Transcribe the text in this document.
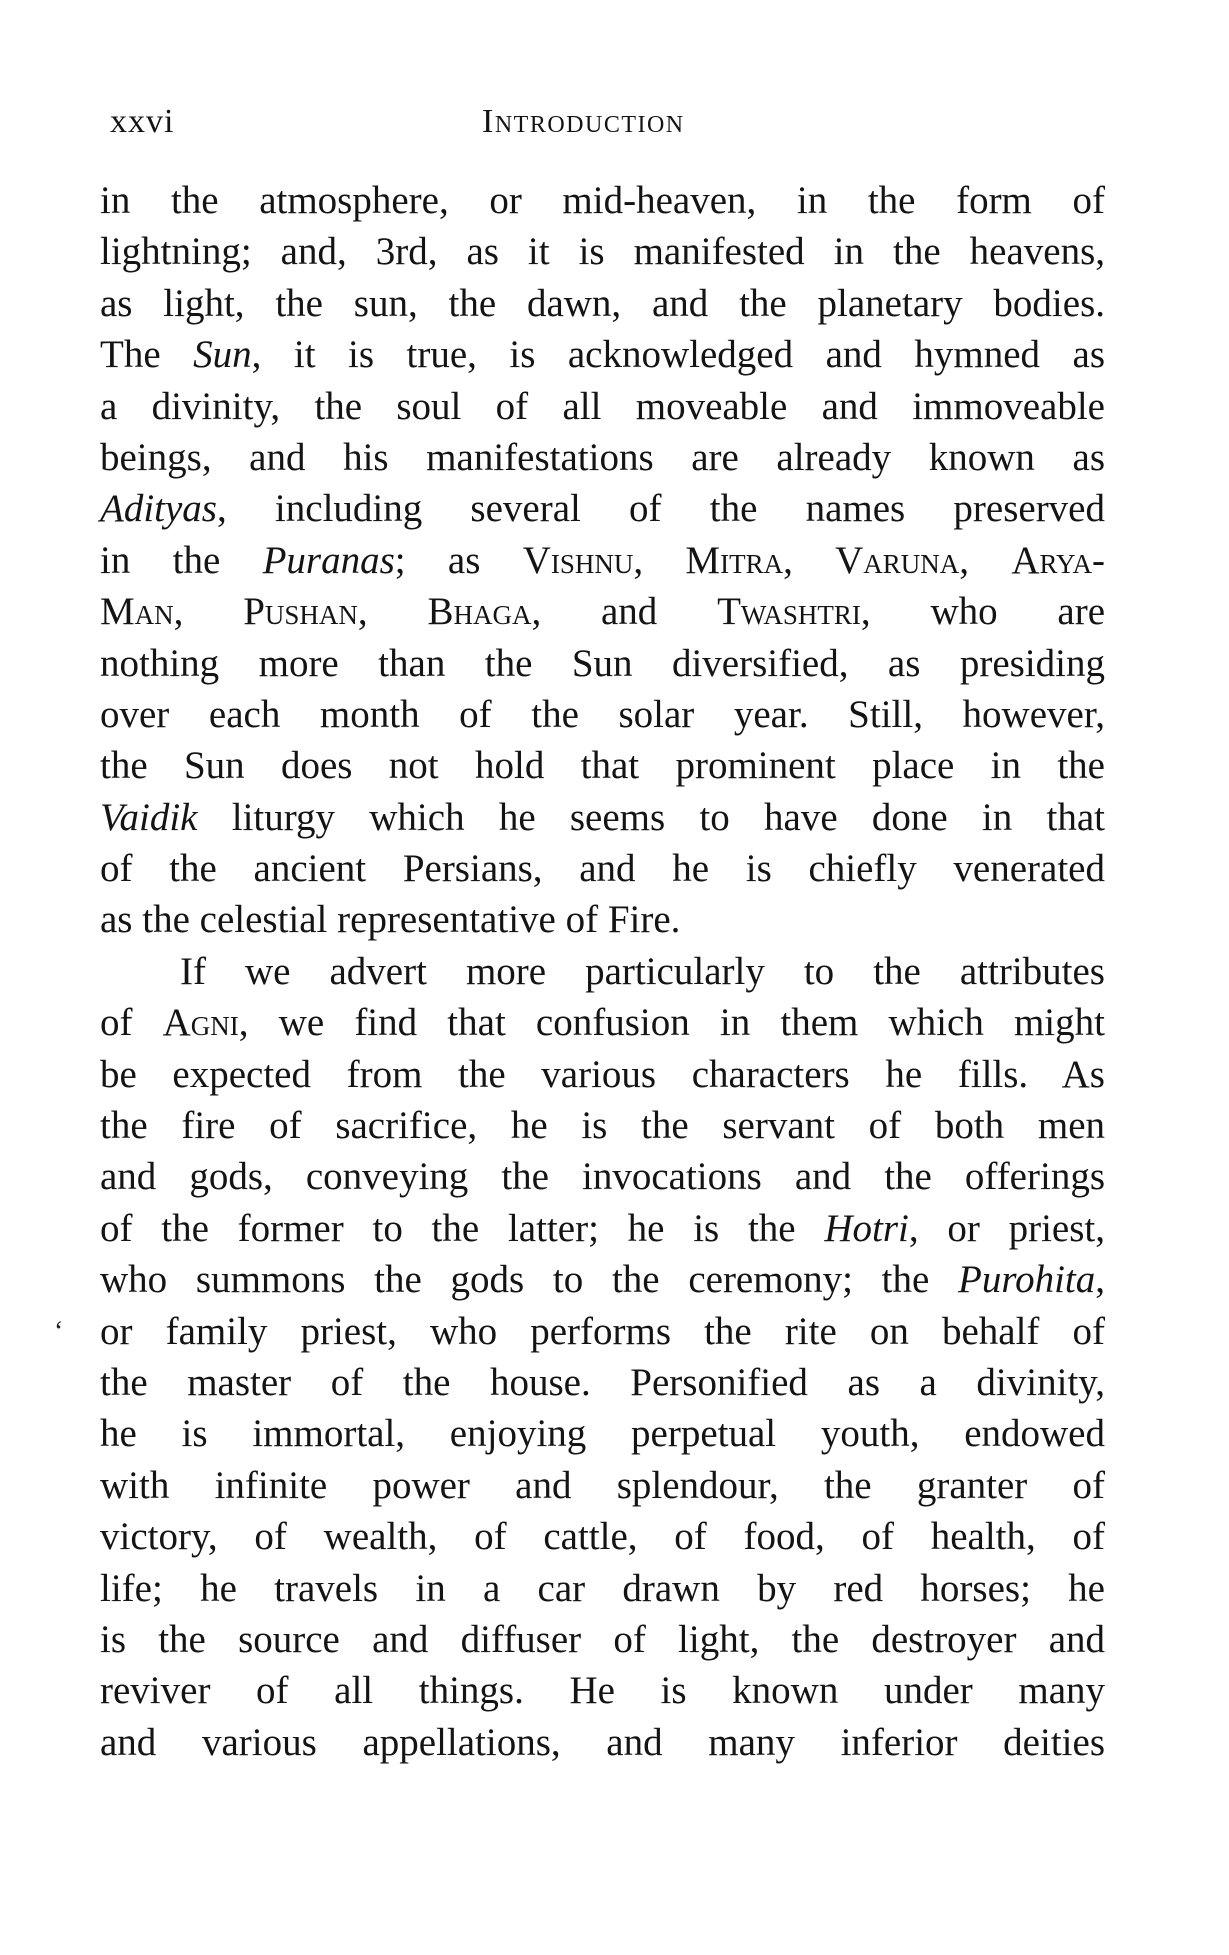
xxvi	Introduction
in the atmosphere, or mid-heaven, in the form of
lightning; and, 3rd, as it is manifested in the heavens,
as light, the sun, the dawn, and the planetary bodies.
The Sun, it is true, is acknowledged and hymned as
a divinity, the soul of all moveable and immoveable
beings, and his manifestations are already known as
Adityas, including several of the names preserved
in the Puranas; as Vishnu, Mitra, Varuna, Arya-
Man, Pushan, Bhaga, and Twashtri, who are
nothing more than the Sun diversified, as presiding
over each month of the solar year. Still, however,
the Sun does not hold that prominent place in the
Vaidik liturgy which he seems to have done in that
of the ancient Persians, and he is chiefly venerated
as the celestial representative of Fire.
If we advert more particularly to the attributes
of Agni, we find that confusion in them which might
be expected from the various characters he fills. As
the fire of sacrifice, he is the servant of both men
and gods, conveying the invocations and the offerings
of the former to the latter; he is the Hotri, or priest,
who summons the gods to the ceremony; the Purohita,
or family priest, who performs the rite on behalf of
the master of the house. Personified as a divinity,
he is immortal, enjoying perpetual youth, endowed
with infinite power and splendour, the granter of
victory, of wealth, of cattle, of food, of health, of
life; he travels in a car drawn by red horses; he
is the source and diffuser of light, the destroyer and
reviver of all things. He is known under many
and various appellations, and many inferior deities
‘
